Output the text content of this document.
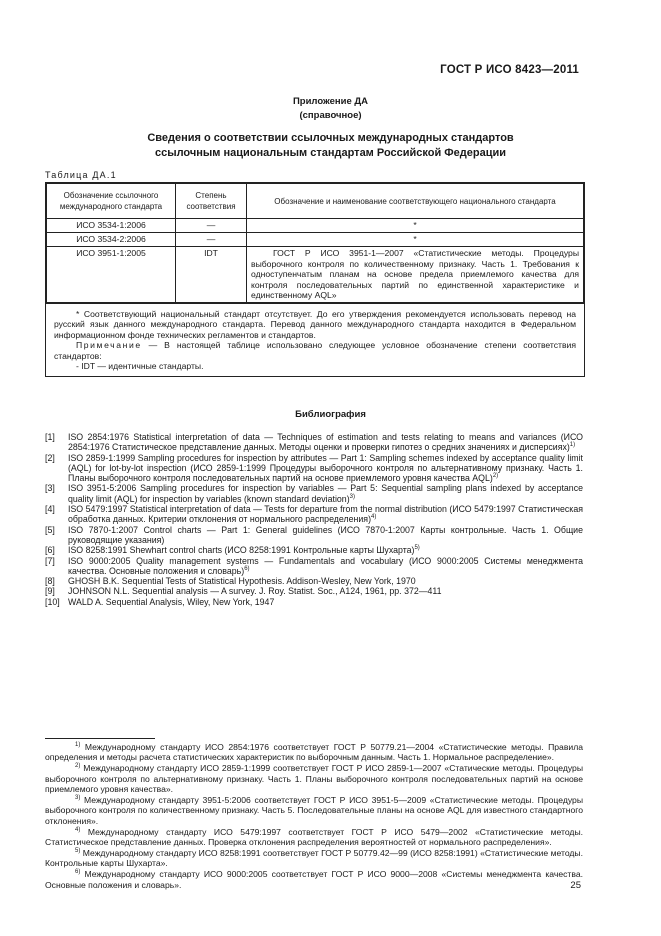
ГОСТ Р ИСО 8423—2011
Приложение ДА
(справочное)
Сведения о соответствии ссылочных международных стандартов
ссылочным национальным стандартам Российской Федерации
Таблица ДА.1
Обозначение ссылочного международного стандарта	Степень соответствия	Обозначение и наименование соответствующего национального стандарта
ИСО 3534-1:2006	—	*
ИСО 3534-2:2006	—	*
ИСО 3951-1:2005	IDT	ГОСТ Р ИСО 3951-1—2007 «Статистические методы. Процедуры выборочного контроля по количественному признаку. Часть 1. Требования к одноступенчатым планам на основе предела приемлемого качества для контроля последовательных партий по единственной характеристике и единственному AQL»
* Соответствующий национальный стандарт отсутствует. До его утверждения рекомендуется использовать перевод на русский язык данного международного стандарта. Перевод данного международного стандарта находится в Федеральном информационном фонде технических регламентов и стандартов.
Примечание — В настоящей таблице использовано следующее условное обозначение степени соответствия стандартов:
- IDT — идентичные стандарты.
Библиография
[1]	ISO 2854:1976 Statistical interpretation of data — Techniques of estimation and tests relating to means and variances (ИСО 2854:1976 Статистическое представление данных. Методы оценки и проверки гипотез о средних значениях и дисперсиях)$^{1)}$
[2]	ISO 2859-1:1999 Sampling procedures for inspection by attributes — Part 1: Sampling schemes indexed by acceptance quality limit (AQL) for lot-by-lot inspection (ИСО 2859-1:1999 Процедуры выборочного контроля по альтернативному признаку. Часть 1. Планы выборочного контроля последовательных партий на основе приемлемого уровня качества AQL)$^{2)}$
[3]	ISO 3951-5:2006 Sampling procedures for inspection by variables — Part 5: Sequential sampling plans indexed by acceptance quality limit (AQL) for inspection by variables (known standard deviation)$^{3)}$
[4]	ISO 5479:1997 Statistical interpretation of data — Tests for departure from the normal distribution (ИСО 5479:1997 Статистическая обработка данных. Критерии отклонения от нормального распределения)$^{4)}$
[5]	ISO 7870-1:2007 Control charts — Part 1: General guidelines (ИСО 7870-1:2007 Карты контрольные. Часть 1. Общие руководящие указания)
[6]	ISO 8258:1991 Shewhart control charts (ИСО 8258:1991 Контрольные карты Шухарта)$^{5)}$
[7]	ISO 9000:2005 Quality management systems — Fundamentals and vocabulary (ИСО 9000:2005 Системы менеджмента качества. Основные положения и словарь)$^{6)}$
[8]	GHOSH B.K. Sequential Tests of Statistical Hypothesis. Addison-Wesley, New York, 1970
[9]	JOHNSON N.L. Sequential analysis — A survey. J. Roy. Statist. Soc., A124, 1961, pp. 372—411
[10] WALD A. Sequential Analysis, Wiley, New York, 1947
$^{1)}$ Международному стандарту ИСО 2854:1976 соответствует ГОСТ Р 50779.21—2004 «Статистические методы. Правила определения и методы расчета статистических характеристик по выборочным данным. Часть 1. Нормальное распределение».
$^{2)}$ Международному стандарту ИСО 2859-1:1999 соответствует ГОСТ Р ИСО 2859-1—2007 «Статические методы. Процедуры выборочного контроля по альтернативному признаку. Часть 1. Планы выборочного контроля последовательных партий на основе приемлемого уровня качества».
$^{3)}$ Международному стандарту 3951-5:2006 соответствует ГОСТ Р ИСО 3951-5—2009 «Статистические методы. Процедуры выборочного контроля по количественному признаку. Часть 5. Последовательные планы на основе AQL для известного стандартного отклонения».
$^{4)}$ Международному стандарту ИСО 5479:1997 соответствует ГОСТ Р ИСО 5479—2002 «Статистические методы. Статистическое представление данных. Проверка отклонения распределения вероятностей от нормального распределения».
$^{5)}$ Международному стандарту ИСО 8258:1991 соответствует ГОСТ Р 50779.42—99 (ИСО 8258:1991) «Статистические методы. Контрольные карты Шухарта».
$^{6)}$ Международному стандарту ИСО 9000:2005 соответствует ГОСТ Р ИСО 9000—2008 «Системы менеджмента качества. Основные положения и словарь».	25
